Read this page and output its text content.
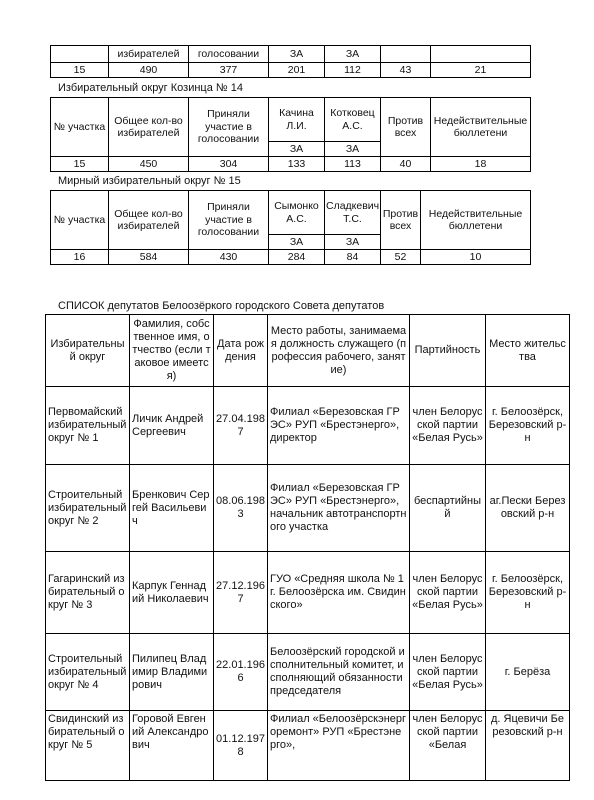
	избирателей	голосовании	ЗА	ЗА		
15	490	377	201	112	43	21
Избирательный округ Козинца № 14
№ участка	Общее кол-во избирателей	Приняли участие в голосовании	Качина Л.И.	Котковец А.С.	Против всех	Недействительные бюллетени
			ЗА	ЗА		
15	450	304	133	113	40	18
Мирный избирательный округ № 15
№ участка	Общее кол-во избирателей	Приняли участие в голосовании	Сымонко А.С.	Сладкевич Т.С.	Против всех	Недействительные бюллетени
			ЗА	ЗА		
16	584	430	284	84	52	10
СПИСОК депутатов Белоозёркого городского Совета депутатов
Избирательный округ	Фамилия, собственное имя, отчество (если таковое имеется)	Дата рождения	Место работы, занимаемая должность служащего (профессия рабочего, занятие)	Партийность	Место жительства
Первомайский избирательный округ № 1	Личик Андрей Сергеевич	27.04.1987	Филиал «Березовская ГРЭС» РУП «Брестэнерго», директор	член Белорусской партии «Белая Русь»	г. Белоозёрск, Березовский р-н
Строительный избирательный округ № 2	Бренкович Сергей Васильевич	08.06.1983	Филиал «Березовская ГРЭС» РУП «Брестэнерго», начальник автотранспортного участка	беспартийный	аг.Пески Березовский р-н
Гагаринский избирательный округ № 3	Карпук Геннадий Николаевич	27.12.1967	ГУО «Средняя школа № 1 г. Белоозёрска им. Свидинского»	член Белорусской партии «Белая Русь»	г. Белоозёрск, Березовский р-н
Строительный избирательный округ № 4	Пилипец Владимир Владимирович	22.01.1966	Белоозёрский городской исполнительный комитет, исполняющий обязанности председателя	член Белорусской партии «Белая Русь»	г. Берёза
Свидинский избирательный округ № 5	Горовой Евгений Александрович	01.12.1978	Филиал «Белоозёрскэнергоремонт» РУП «Брестэнерго»,	член Белорусской партии «Белая	д. Яцевичи Березовский р-н
